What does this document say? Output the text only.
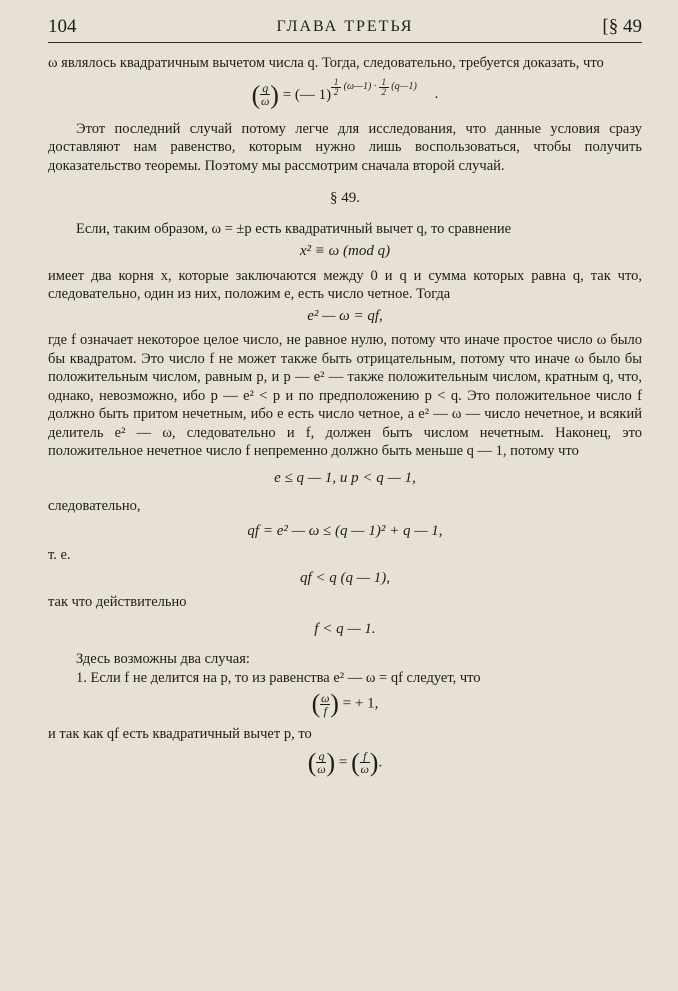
104	ГЛАВА ТРЕТЬЯ	[§ 49

ω являлось квадратичным вычетом числа q. Тогда, следовательно, требуется доказать, что

( $\frac{q}{\omega}$ ) = (— 1) $^{\frac{1}{2} (\omega—1) \cdot \frac{1}{2} (q—1)}$ .

Этот последний случай потому легче для исследования, что данные условия сразу доставляют нам равенство, которым нужно лишь воспользоваться, чтобы получить доказательство теоремы. Поэтому мы рассмотрим сначала второй случай.

§ 49.

Если, таким образом, ω = ±p есть квадратичный вычет q, то сравнение

x² ≡ ω (mod q)

имеет два корня x, которые заключаются между 0 и q и сумма которых равна q, так что, следовательно, один из них, положим e, есть число четное. Тогда

e² — ω = qf,

где f означает некоторое целое число, не равное нулю, потому что иначе простое число ω было бы квадратом. Это число f не может также быть отрицательным, потому что иначе ω было бы положительным числом, равным p, и p — e² — также положительным числом, кратным q, что, однако, невозможно, ибо p — e² < p и по предположению p < q. Это положительное число f должно быть притом нечетным, ибо e есть число четное, а e² — ω — число нечетное, и всякий делитель e² — ω, следовательно и f, должен быть числом нечетным. Наконец, это положительное нечетное число f непременно должно быть меньше q — 1, потому что

e ≤ q — 1, и p < q — 1,

следовательно,

qf = e² — ω ≤ (q — 1)² + q — 1,

т. е.

qf < q (q — 1),

так что действительно

f < q — 1.

Здесь возможны два случая:

1. Если f не делится на p, то из равенства e² — ω = qf следует, что

( $\frac{\omega}{f}$ ) = + 1,

и так как qf есть квадратичный вычет p, то

( $\frac{q}{\omega}$ ) = ( $\frac{f}{\omega}$ ).
